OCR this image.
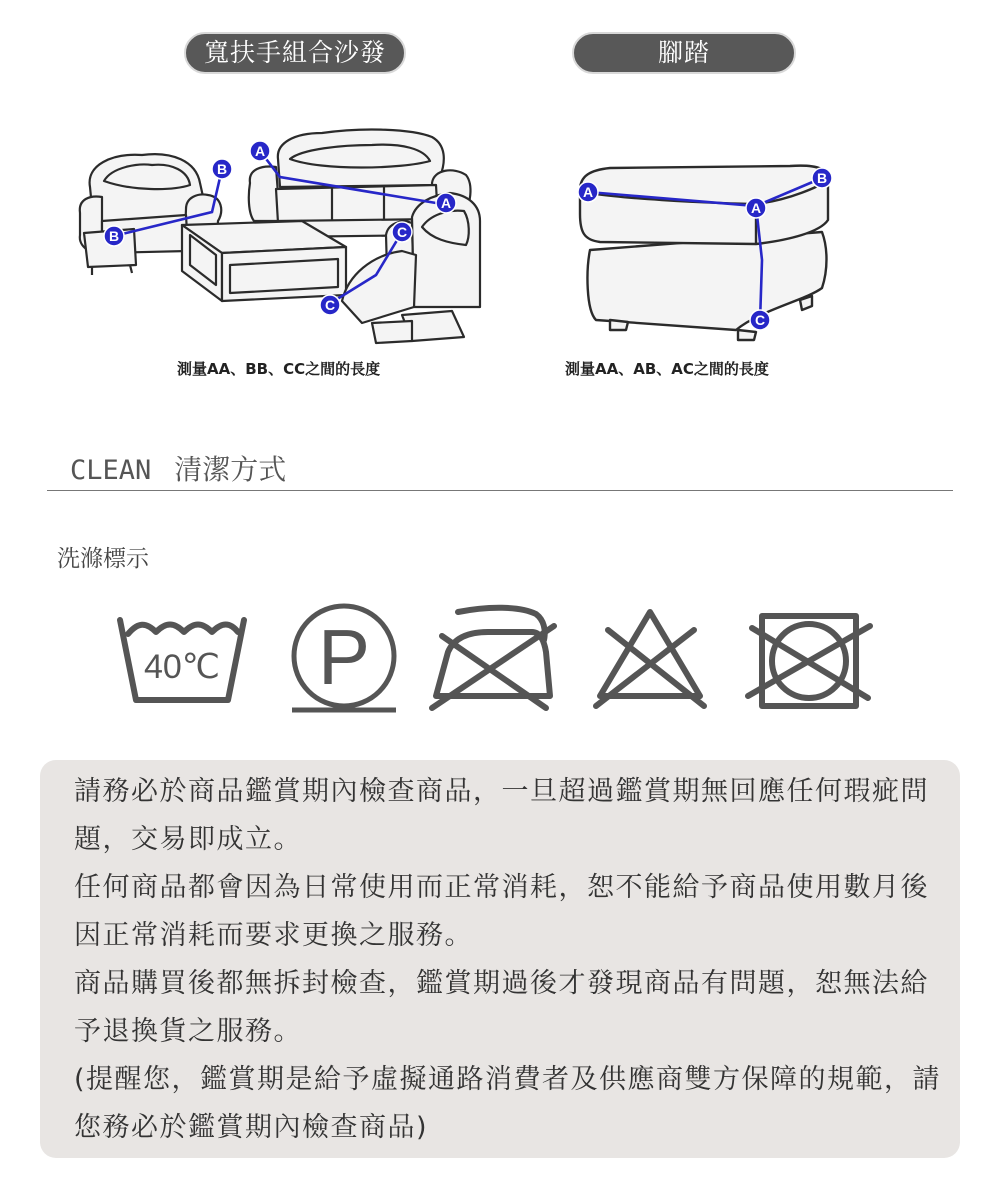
寬扶手組合沙發	腳踏
A
A
B
B	C
C
A
A
B
C
測量AA、BB、CC之間的長度	測量AA、AB、AC之間的長度
CLEAN 清潔方式
洗滌標示
40℃ P

請務必於商品鑑賞期內檢查商品，一旦超過鑑賞期無回應任何瑕疵問題，交易即成立。

任何商品都會因為日常使用而正常消耗，恕不能給予商品使用數月後因正常消耗而要求更換之服務。

商品購買後都無拆封檢查，鑑賞期過後才發現商品有問題，恕無法給予退換貨之服務。

(提醒您，鑑賞期是給予虛擬通路消費者及供應商雙方保障的規範，請您務必於鑑賞期內檢查商品)
